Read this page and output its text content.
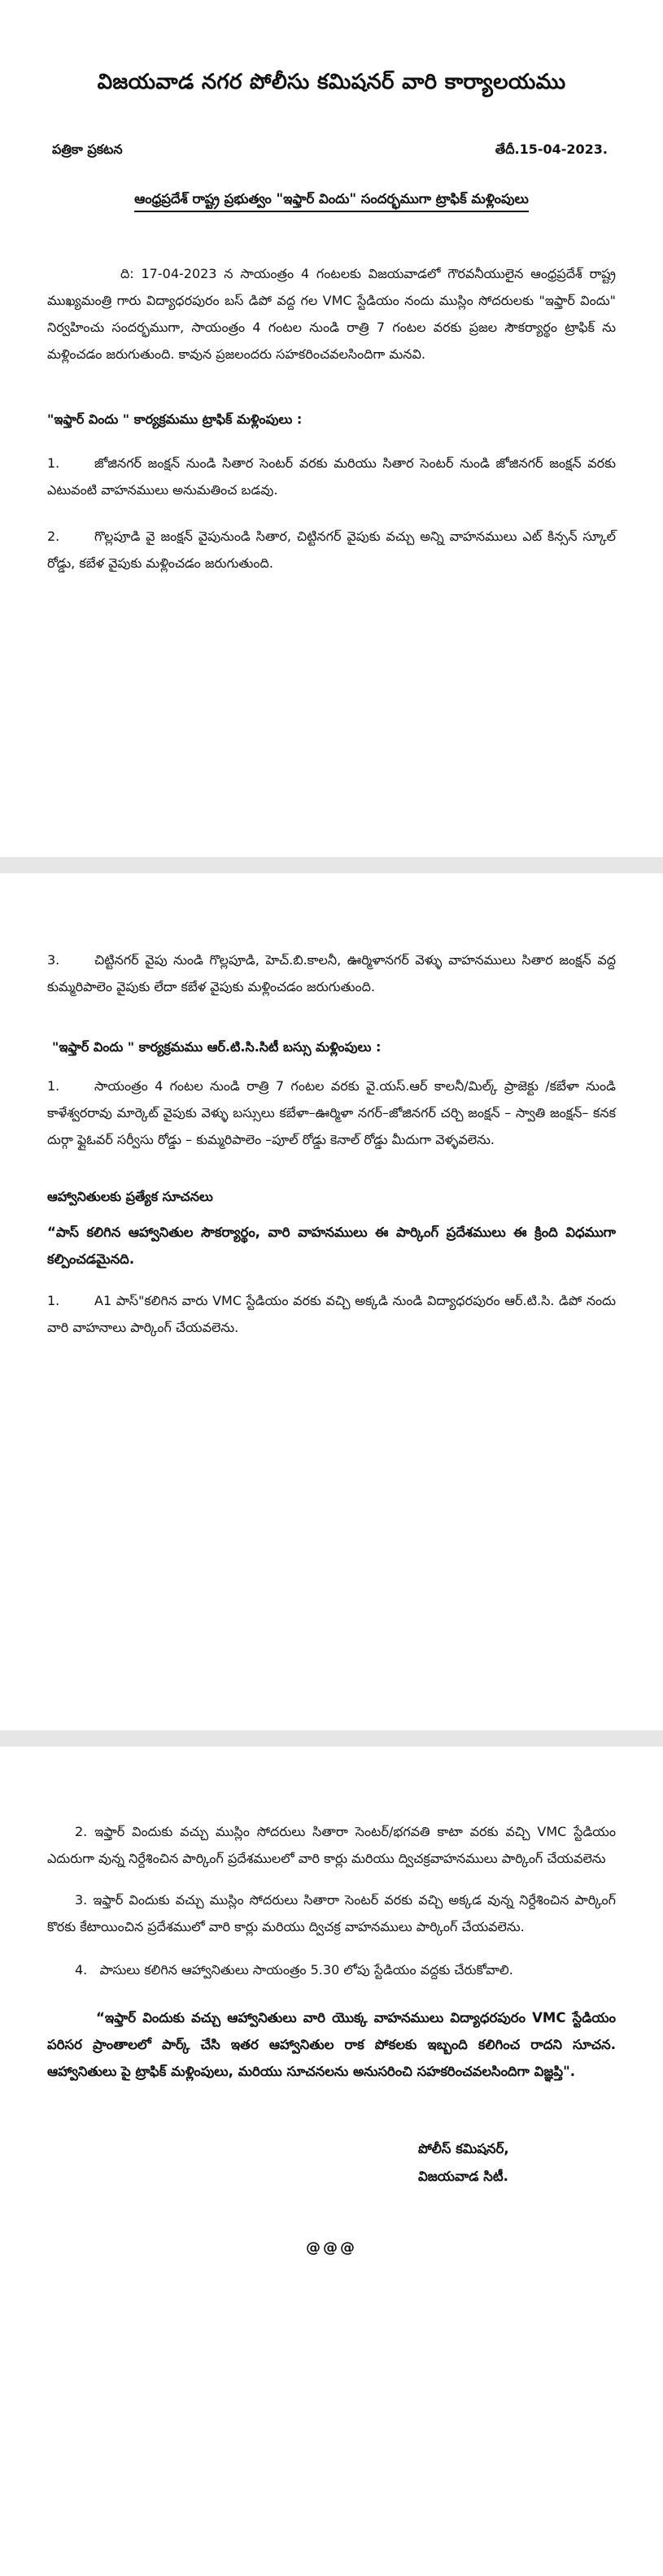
విజయవాడ నగర పోలీసు కమిషనర్ వారి కార్యాలయము
పత్రికా ప్రకటన	తేదీ.15-04-2023.
ఆంధ్రప్రదేశ్ రాష్ట్ర ప్రభుత్వం "ఇఫ్తార్ విందు" సందర్భముగా ట్రాఫిక్ మళ్లింపులు

ది: 17-04-2023 న సాయంత్రం 4 గంటలకు విజయవాడలో గౌరవనీయులైన ఆంధ్రప్రదేశ్ రాష్ట్ర ముఖ్యమంత్రి గారు విద్యాధరపురం బస్ డిపో వద్ద గల VMC స్టేడియం నందు ముస్లిం సోదరులకు "ఇఫ్తార్ విందు" నిర్వహించు సందర్భముగా, సాయంత్రం 4 గంటల నుండి రాత్రి 7 గంటల వరకు ప్రజల సౌకర్యార్థం ట్రాఫిక్ ను మళ్లించడం జరుగుతుంది. కావున ప్రజలందరు సహకరించవలసిందిగా మనవి.

"ఇఫ్తార్ విందు " కార్యక్రమము ట్రాఫిక్ మళ్లింపులు :

1.	జోజినగర్ జంక్షన్ నుండి సితార సెంటర్ వరకు మరియు సితార సెంటర్ నుండి జోజినగర్ జంక్షన్ వరకు ఎటువంటి వాహనములు అనుమతించ బడవు.

2.	గొల్లపూడి వై జంక్షన్ వైపునుండి సితార, చిట్టినగర్ వైపుకు వచ్చు అన్ని వాహనములు ఎట్ కిన్సన్ స్కూల్ రోడ్డు, కబేళ వైపుకు మళ్లించడం జరుగుతుంది.

3.	చిట్టినగర్ వైపు నుండి గొల్లపూడి, హెచ్.బి.కాలనీ, ఊర్మిళానగర్ వెళ్ళు వాహనములు సితార జంక్షన్ వద్ద కుమ్మరిపాలెం వైపుకు లేదా కబేళ వైపుకు మళ్లించడం జరుగుతుంది.

"ఇఫ్తార్ విందు " కార్యక్రమము ఆర్.టి.సి.సిటీ బస్సు మళ్లింపులు :

1.	సాయంత్రం 4 గంటల నుండి రాత్రి 7 గంటల వరకు వై.యస్.ఆర్ కాలనీ/మిల్క్ ప్రాజెక్టు /కబేళా నుండి కాళేశ్వరరావు మార్కెట్ వైపుకు వెళ్ళు బస్సులు కబేళా–ఊర్మిళా నగర్–జోజినగర్ చర్చి జంక్షన్ – స్వాతి జంక్షన్– కనక దుర్గా ఫ్లైఓవర్ సర్వీసు రోడ్డు – కుమ్మరిపాలెం –పూల్ రోడ్డు కెనాల్ రోడ్డు మీదుగా వెళ్ళవలెను.

ఆహ్వానితులకు ప్రత్యేక సూచనలు

“పాస్ కలిగిన ఆహ్వానితుల సౌకర్యార్థం, వారి వాహనములు ఈ పార్కింగ్ ప్రదేశములు ఈ క్రింది విధముగా కల్పించడమైనది.

1.	A1 పాస్"కలిగిన వారు VMC స్టేడియం వరకు వచ్చి అక్కడి నుండి విద్యాధరపురం ఆర్.టి.సి. డిపో నందు వారి వాహనాలు పార్కింగ్ చేయవలెను.

2. ఇఫ్తార్ విందుకు వచ్చు ముస్లిం సోదరులు సితారా సెంటర్/భగవతి కాటా వరకు వచ్చి VMC స్టేడియం ఎదురుగా వున్న నిర్దేశించిన పార్కింగ్ ప్రదేశములలో వారి కార్లు మరియు ద్విచక్రవాహనములు పార్కింగ్ చేయవలెను

3. ఇఫ్తార్ విందుకు వచ్చు ముస్లిం సోదరులు సితారా సెంటర్ వరకు వచ్చి అక్కడ వున్న నిర్దేశించిన పార్కింగ్ కొరకు కేటాయించిన ప్రదేశములో వారి కార్లు మరియు ద్విచక్ర వాహనములు పార్కింగ్ చేయవలెను.

4. పాసులు కలిగిన ఆహ్వానితులు సాయంత్రం 5.30 లోపు స్టేడియం వద్దకు చేరుకోవాలి.

“ఇఫ్తార్ విందుకు వచ్చు ఆహ్వానితులు వారి యొక్క వాహనములు విద్యాధరపురం VMC స్టేడియం పరిసర ప్రాంతాలలో పార్క్ చేసి ఇతర ఆహ్వానితుల రాక పోకలకు ఇబ్బంది కలిగించ రాదని సూచన. ఆహ్వానితులు పై ట్రాఫిక్ మళ్లింపులు, మరియు సూచనలను అనుసరించి సహకరించవలసిందిగా విజ్ఞప్తి".

పోలీస్ కమిషనర్,
విజయవాడ సిటీ.
@@@
